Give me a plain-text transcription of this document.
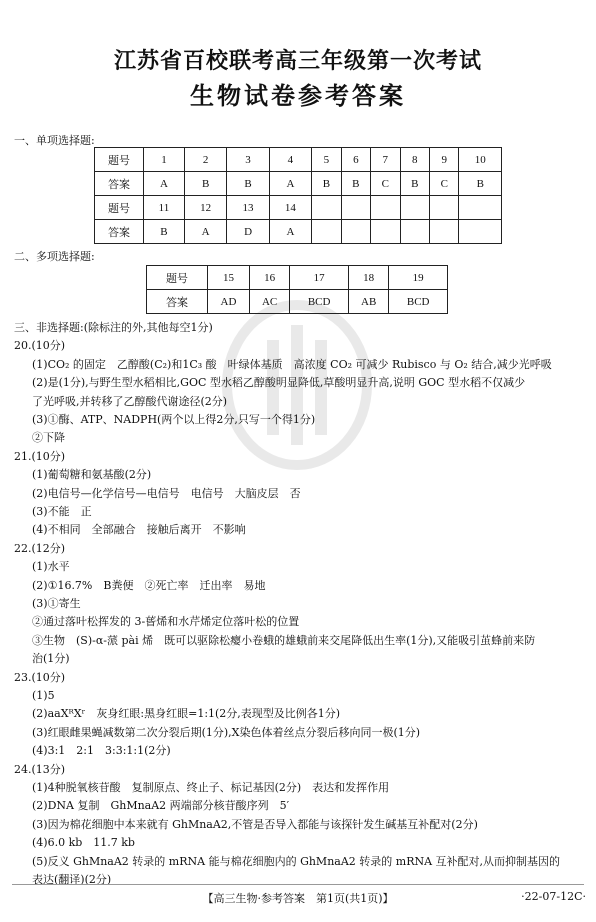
江苏省百校联考高三年级第一次考试
生物试卷参考答案
一、单项选择题:
题号	1	2	3	4	5	6	7	8	9	10
答案	A	B	B	A	B	B	C	B	C	B
题号	11	12	13	14						
答案	B	A	D	A						
二、多项选择题:
题号	15	16	17	18	19
答案	AD	AC	BCD	AB	BCD
三、非选择题:(除标注的外,其他每空1分)
20.(10分)
(1)CO₂ 的固定　乙醇酸(C₂)和1C₃ 酸　叶绿体基质　高浓度 CO₂ 可减少 Rubisco 与 O₂ 结合,减少光呼吸
(2)是(1分),与野生型水稻相比,GOC 型水稻乙醇酸明显降低,草酸明显升高,说明 GOC 型水稻不仅减少
了光呼吸,并转移了乙醇酸代谢途径(2分)
(3)①酶、ATP、NADPH(两个以上得2分,只写一个得1分)
②下降
21.(10分)
(1)葡萄糖和氨基酸(2分)
(2)电信号—化学信号—电信号　电信号　大脑皮层　否
(3)不能　正
(4)不相同　全部融合　接触后离开　不影响
22.(12分)
(1)水平
(2)①16.7%　B粪便　②死亡率　迁出率　易地
(3)①寄生
②通过落叶松挥发的 3-蒈烯和水芹烯定位落叶松的位置
③生物　(S)-α-蒎 pài 烯　既可以驱除松瘿小卷蛾的雄蛾前来交尾降低出生率(1分),又能吸引茧蜂前来防
治(1分)
23.(10分)
(1)5
(2)aaXᴿXʳ　灰身红眼:黑身红眼=1:1(2分,表现型及比例各1分)
(3)红眼雌果蝇减数第二次分裂后期(1分),X染色体着丝点分裂后移向同一极(1分)
(4)3:1　2:1　3:3:1:1(2分)
24.(13分)
(1)4种脱氧核苷酸　复制原点、终止子、标记基因(2分)　表达和发挥作用
(2)DNA 复制　GhMnaA2 两端部分核苷酸序列　5′
(3)因为棉花细胞中本来就有 GhMnaA2,不管是否导入都能与该探针发生碱基互补配对(2分)
(4)6.0 kb　11.7 kb
(5)反义 GhMnaA2 转录的 mRNA 能与棉花细胞内的 GhMnaA2 转录的 mRNA 互补配对,从而抑制基因的
表达(翻译)(2分)
【高三生物·参考答案　第1页(共1页)】	·22-07-12C·
